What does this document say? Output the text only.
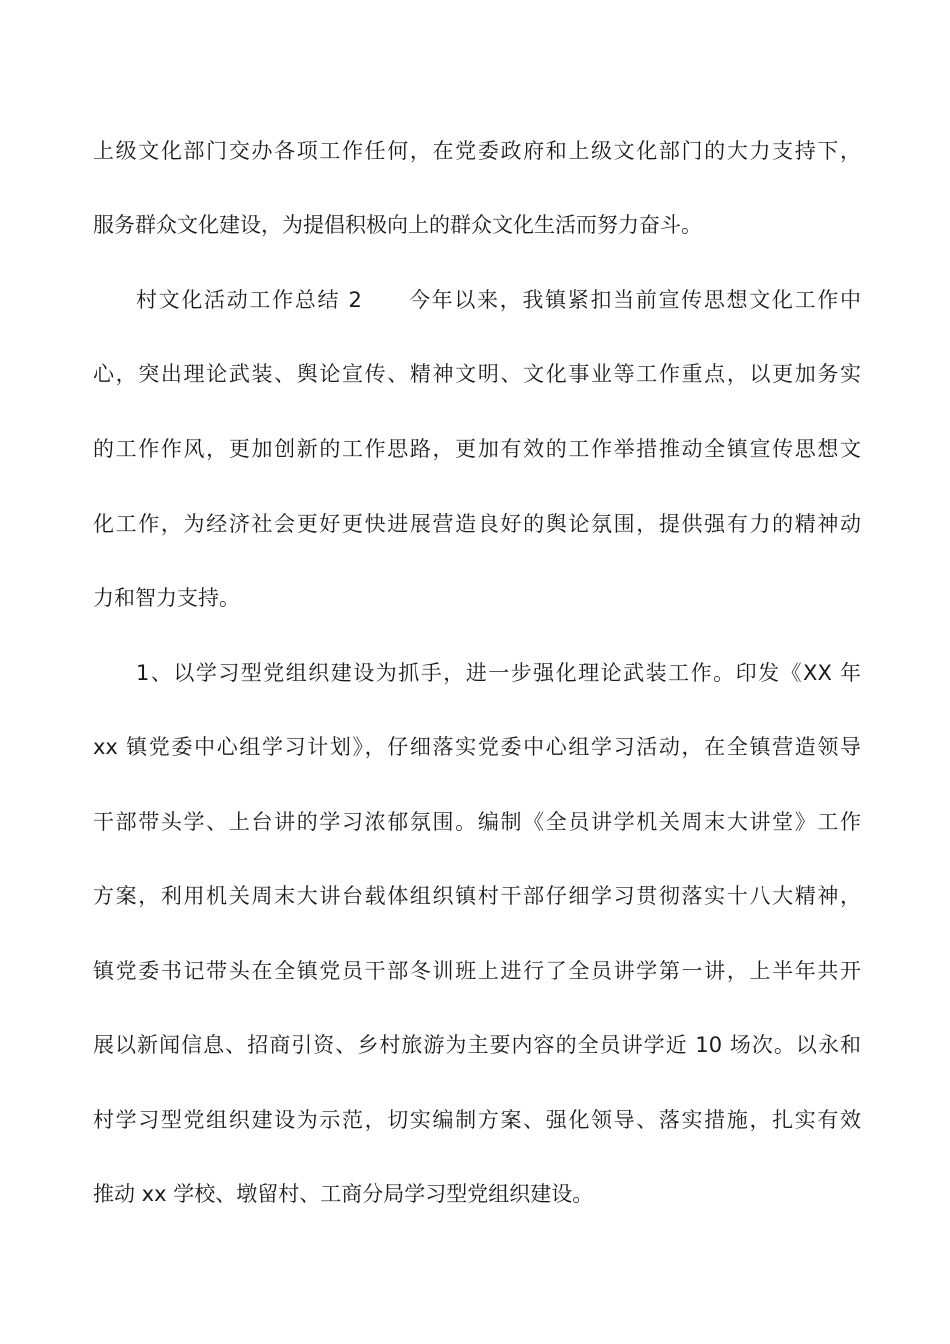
上级文化部门交办各项工作任何，在党委政府和上级文化部门的大力支持下，
服务群众文化建设，为提倡积极向上的群众文化生活而努力奋斗。
村文化活动工作总结 2　　今年以来，我镇紧扣当前宣传思想文化工作中
心，突出理论武装、舆论宣传、精神文明、文化事业等工作重点，以更加务实
的工作作风，更加创新的工作思路，更加有效的工作举措推动全镇宣传思想文
化工作，为经济社会更好更快进展营造良好的舆论氛围，提供强有力的精神动
力和智力支持。
1、以学习型党组织建设为抓手，进一步强化理论武装工作。印发《XX 年
xx 镇党委中心组学习计划》，仔细落实党委中心组学习活动，在全镇营造领导
干部带头学、上台讲的学习浓郁氛围。编制《全员讲学机关周末大讲堂》工作
方案，利用机关周末大讲台载体组织镇村干部仔细学习贯彻落实十八大精神，
镇党委书记带头在全镇党员干部冬训班上进行了全员讲学第一讲，上半年共开
展以新闻信息、招商引资、乡村旅游为主要内容的全员讲学近 10 场次。以永和
村学习型党组织建设为示范，切实编制方案、强化领导、落实措施，扎实有效
推动 xx 学校、墩留村、工商分局学习型党组织建设。
